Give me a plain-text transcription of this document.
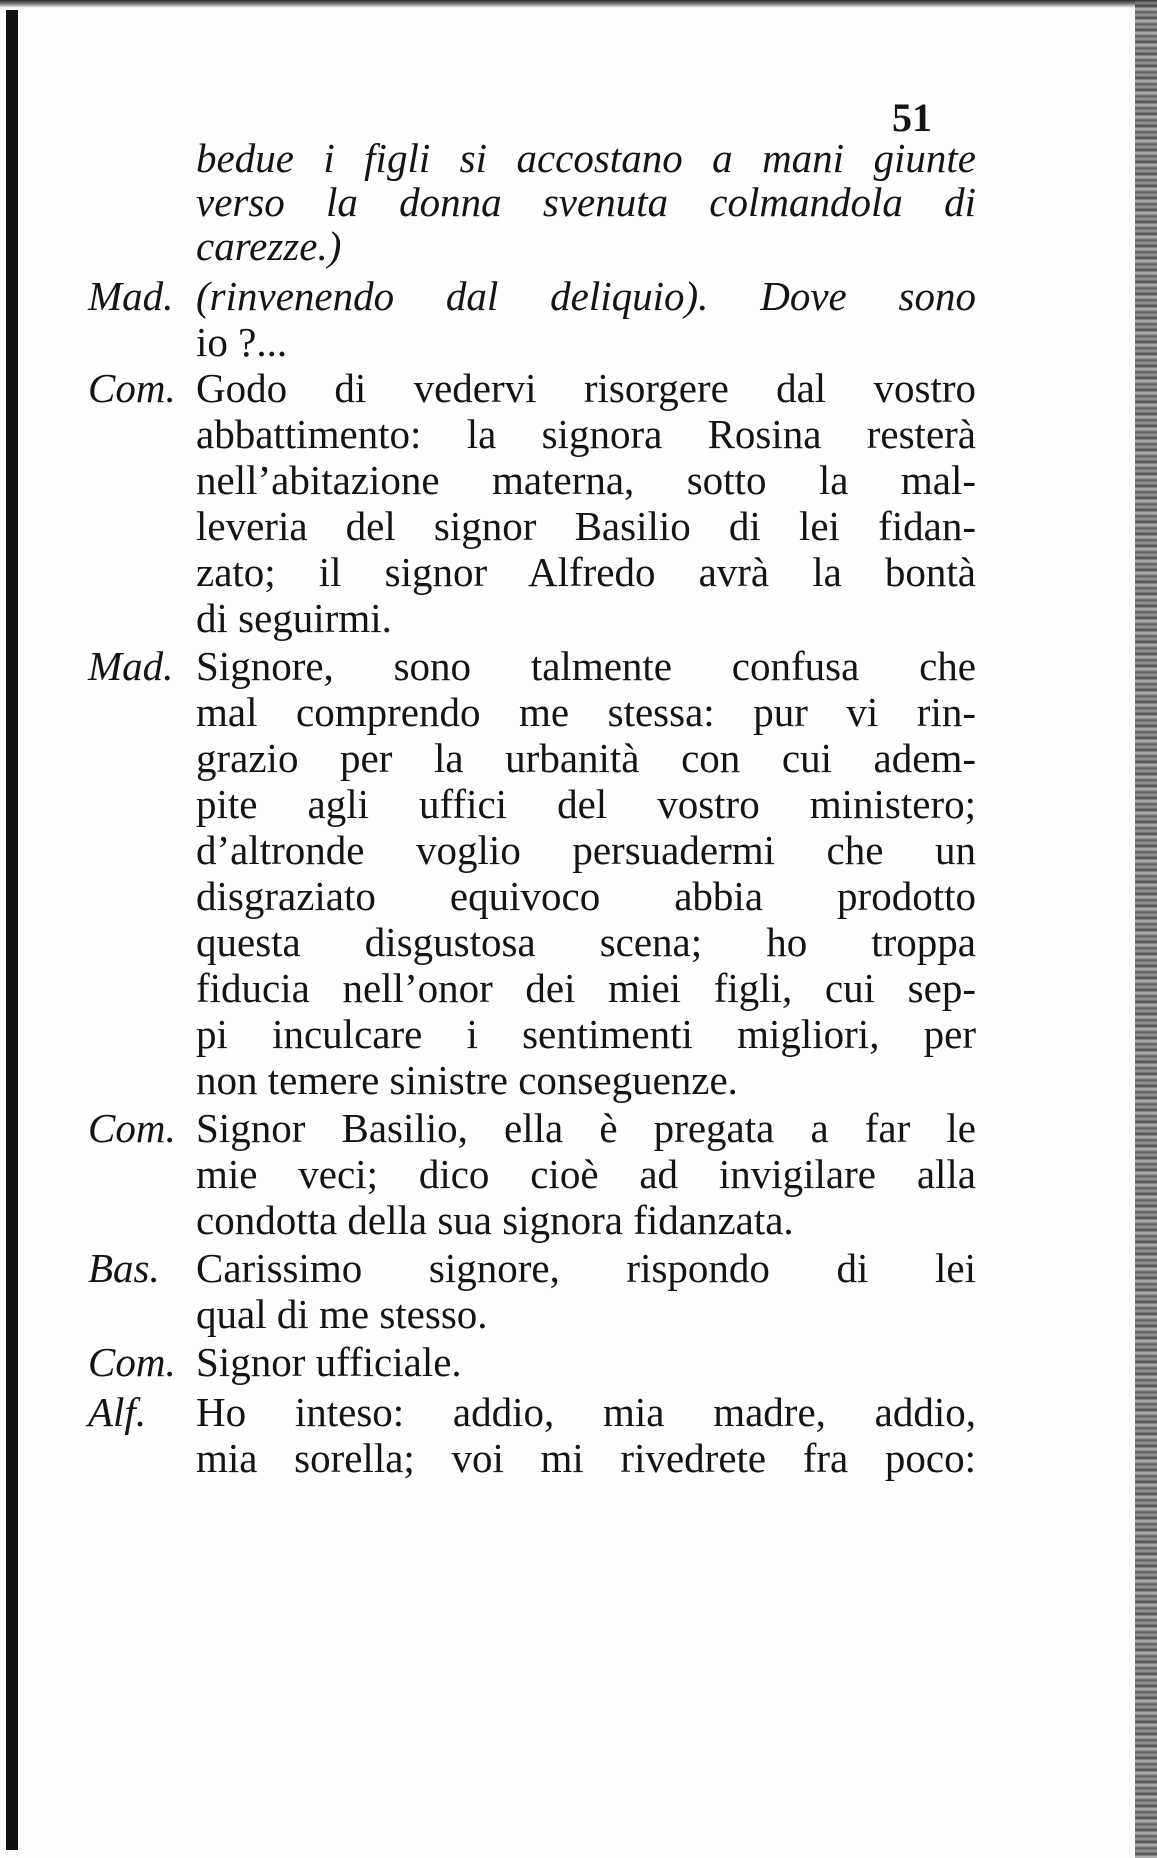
51
bedue i figli si accostano a mani giunte
verso la donna svenuta colmandola di
carezze.)
Mad. (rinvenendo dal deliquio). Dove sono
io ?...
Com. Godo di vedervi risorgere dal vostro
abbattimento: la signora Rosina resterà
nell’abitazione materna, sotto la mal-
leveria del signor Basilio di lei fidan-
zato; il signor Alfredo avrà la bontà
di seguirmi.
Mad. Signore, sono talmente confusa che
mal comprendo me stessa: pur vi rin-
grazio per la urbanità con cui adem-
pite agli uffici del vostro ministero;
d’altronde voglio persuadermi che un
disgraziato equivoco abbia prodotto
questa disgustosa scena; ho troppa
fiducia nell’onor dei miei figli, cui sep-
pi inculcare i sentimenti migliori, per
non temere sinistre conseguenze.
Com. Signor Basilio, ella è pregata a far le
mie veci; dico cioè ad invigilare alla
condotta della sua signora fidanzata.
Bas. Carissimo signore, rispondo di lei
qual di me stesso.
Com. Signor ufficiale.
Alf.	Ho inteso: addio, mia madre, addio,
mia sorella; voi mi rivedrete fra poco:
